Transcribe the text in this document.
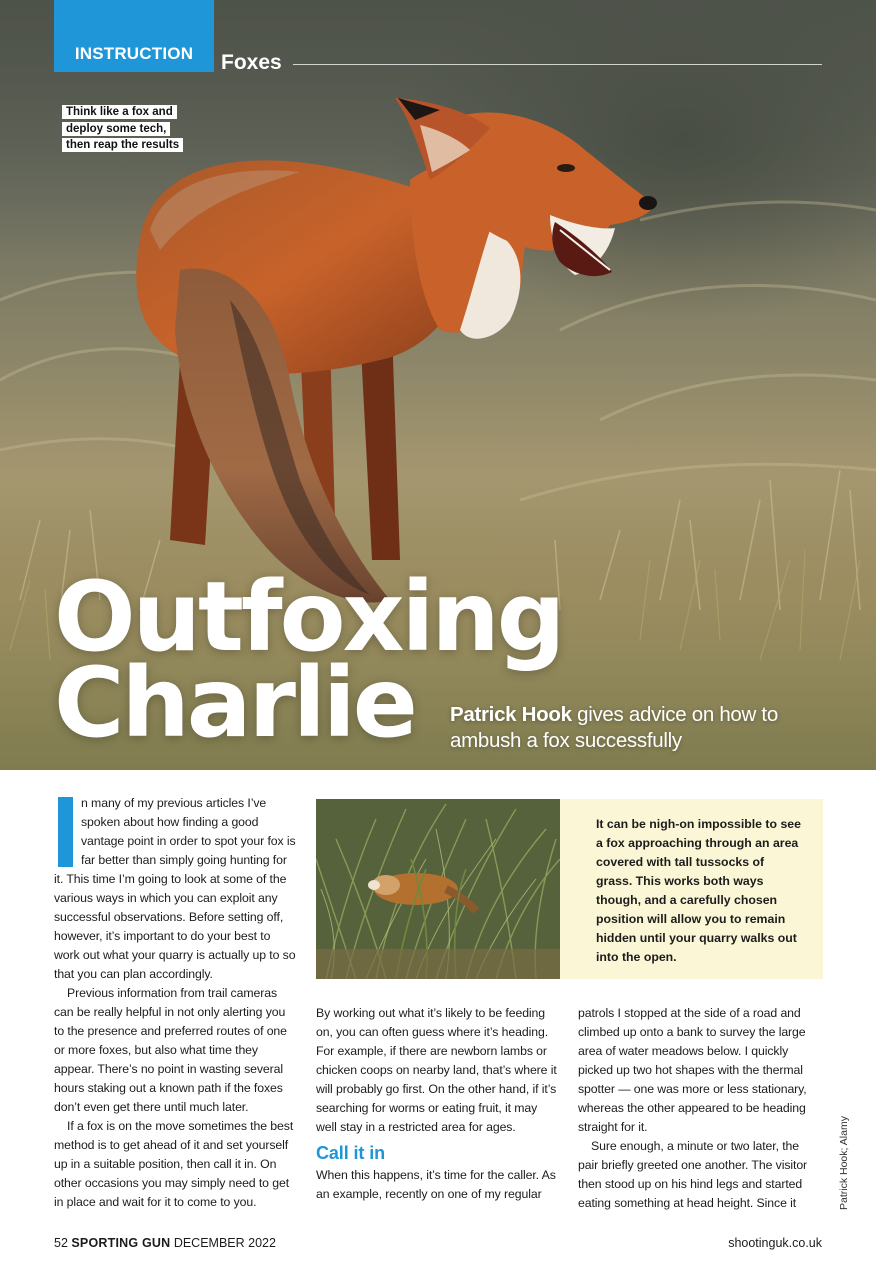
INSTRUCTION	Foxes
Think like a fox and
deploy some tech,
then reap the results
Outfoxing
Charlie	Patrick Hook gives advice on how to ambush a fox successfully
I	n many of my previous articles I’ve spoken about how finding a good vantage point in order to spot your fox is far better than simply going hunting for it. This time I’m going to look at some of the various ways in which you can exploit any successful observations. Before setting off, however, it’s important to do your best to work out what your quarry is actually up to so that you can plan accordingly.

Previous information from trail cameras can be really helpful in not only alerting you to the presence and preferred routes of one or more foxes, but also what time they appear. There’s no point in wasting several hours staking out a known path if the foxes don’t even get there until much later.

If a fox is on the move sometimes the best method is to get ahead of it and set yourself up in a suitable position, then call it in. On other occasions you may simply need to get in place and wait for it to come to you.

It can be nigh-on impossible to see a fox approaching through an area covered with tall tussocks of grass. This works both ways though, and a carefully chosen position will allow you to remain hidden until your quarry walks out into the open.

By working out what it’s likely to be feeding on, you can often guess where it’s heading. For example, if there are newborn lambs or chicken coops on nearby land, that’s where it will probably go first. On the other hand, if it’s searching for worms or eating fruit, it may well stay in a restricted area for ages.

Call it in

When this happens, it’s time for the caller. As an example, recently on one of my regular

patrols I stopped at the side of a road and climbed up onto a bank to survey the large area of water meadows below. I quickly picked up two hot shapes with the thermal spotter — one was more or less stationary, whereas the other appeared to be heading straight for it.

Sure enough, a minute or two later, the pair briefly greeted one another. The visitor then stood up on his hind legs and started eating something at head height. Since it	Patrick Hook; Alamy
52 SPORTING GUN DECEMBER 2022	shootinguk.co.uk
